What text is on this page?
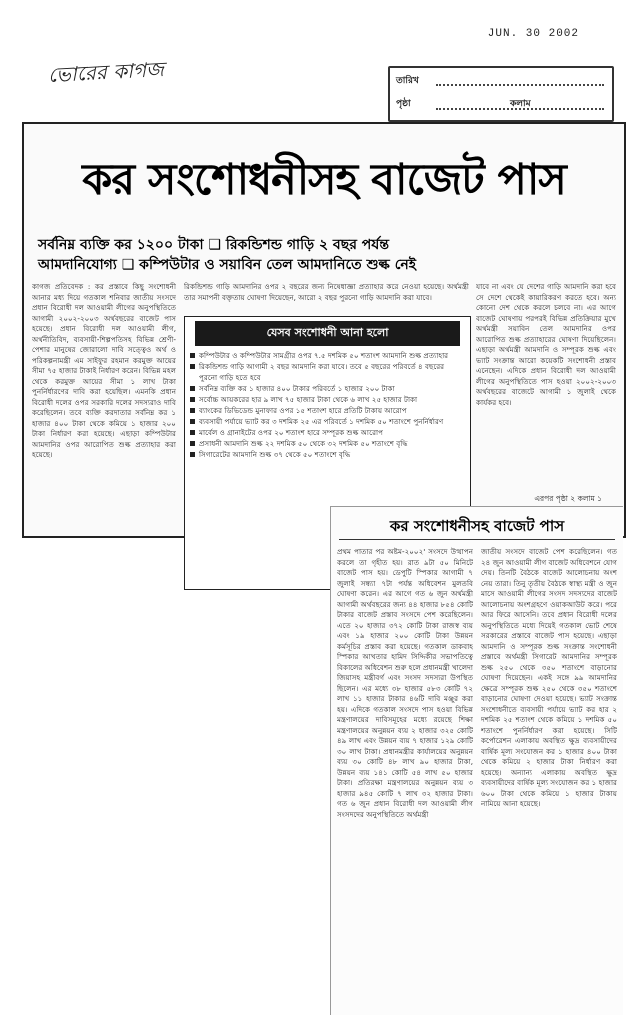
JUN. 30 2002
ভোরের কাগজ	তারিখ
পৃষ্ঠা	কলাম
কর সংশোধনীসহ বাজেট পাস
সর্বনিম্ন ব্যক্তি কর ১২০০ টাকা ❑ রিকন্ডিশন্ড গাড়ি ২ বছর পর্যন্ত
আমদানিযোগ্য ❑ কম্পিউটার ও সয়াবিন তেল আমদানিতে শুল্ক নেই
কাগজ প্রতিবেদক : কর প্রস্তাবে কিছু সংশোধনী আনার মধ্য দিয়ে গতকাল শনিবার জাতীয় সংসদে প্রধান বিরোধী দল আওয়ামী লীগের অনুপস্থিতিতে আগামী ২০০২-২০০৩ অর্থবছরের বাজেট পাস হয়েছে। প্রধান বিরোধী দল আওয়ামী লীগ, অর্থনীতিবিদ, ব্যবসায়ী-শিল্পপতিসহ বিভিন্ন শ্রেণী-পেশার মানুষের জোরালো দাবি সত্ত্বেও অর্থ ও পরিকল্পনামন্ত্রী এম সাইফুর রহমান করমুক্ত আয়ের সীমা ৭৫ হাজার টাকাই নির্ধারণ করেন। বিভিন্ন মহল থেকে করমুক্ত আয়ের সীমা ১ লাখ টাকা পুনর্নির্ধারণের দাবি করা হয়েছিল। এমনকি প্রধান বিরোধী দলের ওপর সরকারি দলের সদস্যরাও দাবি করেছিলেন। তবে ব্যক্তি করদাতার সর্বনিম্ন কর ১ হাজার ৪০০ টাকা থেকে কমিয়ে ১ হাজার ২০০ টাকা নির্ধারণ করা হয়েছে। এছাড়া কম্পিউটার আমদানির ওপর আরোপিত শুল্ক প্রত্যাহার করা হয়েছে।
রিকন্ডিশন্ড গাড়ি আমদানির ওপর ২ বছরের জন্য নিষেধাজ্ঞা প্রত্যাহার করে নেওয়া হয়েছে। অর্থমন্ত্রী তার সমাপনী বক্তৃতায় ঘোষণা দিয়েছেন, আরো ২ বছর পুরনো গাড়ি আমদানি করা যাবে।
যেসব সংশোধনী আনা হলো
কম্পিউটার ও কম্পিউটার সামগ্রীর ওপর ৭.৫ দশমিক ৫০ শতাংশ আমদানি শুল্ক প্রত্যাহার
রিকন্ডিশন্ড গাড়ি আগামী ২ বছর আমদানি করা যাবে। তবে ৫ বছরের পরিবর্তে ৪ বছরের পুরনো গাড়ি হতে হবে
সর্বনিম্ন ব্যক্তি কর ১ হাজার ৪০০ টাকার পরিবর্তে ১ হাজার ২০০ টাকা
সর্বোচ্চ আয়করের হার ৯ লাখ ৭৫ হাজার টাকা থেকে ৬ লাখ ২৫ হাজার টাকা
ব্যাংকের ডিভিডেন্ড মুনাফার ওপর ১৫ শতাংশ হারে প্রতিটি টাকায় আরোপ
ব্যবসায়ী পর্যায়ে ভ্যাট কর ৩ দশমিক ২৫ এর পরিবর্তে ১ দশমিক ৫০ শতাংশে পুনর্নির্ধারণ
মার্বেল ও গ্রানাইটের ওপর ২০ শতাংশ হারে সম্পূরক শুল্ক আরোপ
প্রসাধনী আমদানি শুল্ক ২২ দশমিক ৫০ থেকে ৩২ দশমিক ৫০ শতাংশে বৃদ্ধি
সিগারেটের আমদানি শুল্ক ৩৭ থেকে ৫০ শতাংশে বৃদ্ধি
যাবে না এবং যে দেশের গাড়ি আমদানি করা হবে সে দেশে থেকেই কায়ারিকরণ করতে হবে। অন্য কোনো দেশ থেকে করলে চলবে না। এর আগে বাজেট ঘোষণায় পরপরই বিভিন্ন প্রতিক্রিয়ার মুখে অর্থমন্ত্রী সয়াবিন তেল আমদানির ওপর আরোপিত শুল্ক প্রত্যাহারের ঘোষণা দিয়েছিলেন। এছাড়া অর্থমন্ত্রী আমদানি ও সম্পূরক শুল্ক এবং ভ্যাট সংক্রান্ত আরো কয়েকটি সংশোধনী প্রস্তাব এনেছেন। এদিকে প্রধান বিরোধী দল আওয়ামী লীগের অনুপস্থিতিতে পাস হওয়া ২০০২-২০০৩ অর্থবছরের বাজেটে আগামী ১ জুলাই থেকে কার্যকর হবে।
এরপর পৃষ্ঠা ২ কলাম ১
কর সংশোধনীসহ বাজেট পাস
প্রথম পাতার পর অষ্টম-২০০২' সংসদে উত্থাপন করলে তা গৃহীত হয়। রাত ৯টা ৫০ মিনিটে বাজেট পাস হয়। ডেপুটি স্পিকার আগামী ৭ জুলাই সন্ধ্যা ৭টা পর্যন্ত অধিবেশন মুলতবি ঘোষণা করেন। এর আগে গত ৬ জুন অর্থমন্ত্রী আগামী অর্থবছরের জন্য ৪৪ হাজার ৮৫৪ কোটি টাকার বাজেট প্রস্তাব সংসদে পেশ করেছিলেন। এতে ২০ হাজার ৩৭২ কোটি টাকা রাজস্ব ব্যয় এবং ১৯ হাজার ২০০ কোটি টাকা উন্নয়ন কর্মসূচির প্রস্তাব করা হয়েছে। গতকাল ডাকবাহ স্পিকার আখতার হামিদ সিদ্দিকীর সভাপতিত্বে বিকালের অধিবেশন শুরু হলে প্রধানমন্ত্রী খালেদা জিয়াসহ মন্ত্রীবর্গ এবং সংসদ সদস্যরা উপস্থিত ছিলেন। এর মধ্যে ৩৮ হাজার ৫৮৩ কোটি ৭২ লাখ ১১ হাজার টাকার ৪৬টি দাবি মঞ্জুর করা হয়। এদিকে গতকাল সংসদে পাস হওয়া বিভিন্ন মন্ত্রণালয়ের দাবিসমূহের মধ্যে রয়েছে শিক্ষা মন্ত্রণালয়ের অনুন্নয়ন ব্যয় ২ হাজার ৩২৫ কোটি ৪৯ লাখ এবং উন্নয়ন ব্যয় ৭ হাজার ১২৯ কোটি ৩০ লাখ টাকা। প্রধানমন্ত্রীর কার্যালয়ের অনুন্নয়ন ব্যয় ৩০ কোটি ৪৮ লাখ ৯০ হাজার টাকা, উন্নয়ন ব্যয় ১৪১ কোটি ৫৪ লাখ ৫০ হাজার টাকা। প্রতিরক্ষা মন্ত্রণালয়ের অনুন্নয়ন ব্যয় ৩ হাজার ৯৪৫ কোটি ৭ লাখ ৩২ হাজার টাকা। গত ৬ জুন প্রধান বিরোধী দল আওয়ামী লীগ সংসদদের অনুপস্থিতিতে অর্থমন্ত্রী
জাতীয় সংসদে বাজেট পেশ করেছিলেন। গত ২৪ জুন আওয়ামী লীগ বাজেট অধিবেশনে যোগ দেয়। তিনটি বৈঠকে বাজেট আলোচনায় অংশ নেয় তারা। তিনু তৃতীয় বৈঠকে স্বাস্থ্য মন্ত্রী ও জুন মাসে আওয়ামী লীগের সংসদ সদস্যদের বাজেট আলোচনায় অংশগ্রহণে ওয়াকআউট করে। পরে আর ফিরে আসেনি। তবে প্রধান বিরোধী দলের অনুপস্থিতিতে মধ্যে দিয়েই গতকাল ভোট শেষে সরকারের প্রস্তাবে বাজেট পাস হয়েছে। এছাড়া আমদানি ও সম্পূরক শুল্ক সংক্রান্ত সংশোধনী প্রস্তাবে অর্থমন্ত্রী সিগারেট আমদানির সম্পূরক শুল্ক ২৫০ থেকে ৩৫০ শতাংশে বাড়ানোর ঘোষণা দিয়েছেন। একই সঙ্গে ৯৯ আমদানির ক্ষেত্রে সম্পূরক শুল্ক ২৫০ থেকে ৩৫০ শতাংশে বাড়ানোর ঘোষণা দেওয়া হয়েছে। ভ্যাট সংক্রান্ত সংশোধনীতে ব্যবসায়ী পর্যায়ে ভ্যাট কর হার ২ দশমিক ২৫ শতাংশ থেকে কমিয়ে ১ দশমিক ৫০ শতাংশে পুনর্নির্ধারণ করা হয়েছে। সিটি কর্পোরেশন এলাকায় অবস্থিত ক্ষুদ্র ব্যবসায়ীদের বার্ষিক মূল্য সংযোজন কর ১ হাজার ৪০০ টাকা থেকে কমিয়ে ২ হাজার টাকা নির্ধারণ করা হয়েছে। অন্যান্য এলাকায় অবস্থিত ক্ষুদ্র ব্যবসায়ীদের বার্ষিক মূল্য সংযোজন কর ১ হাজার ৬০০ টাকা থেকে কমিয়ে ১ হাজার টাকায় নামিয়ে আনা হয়েছে।
